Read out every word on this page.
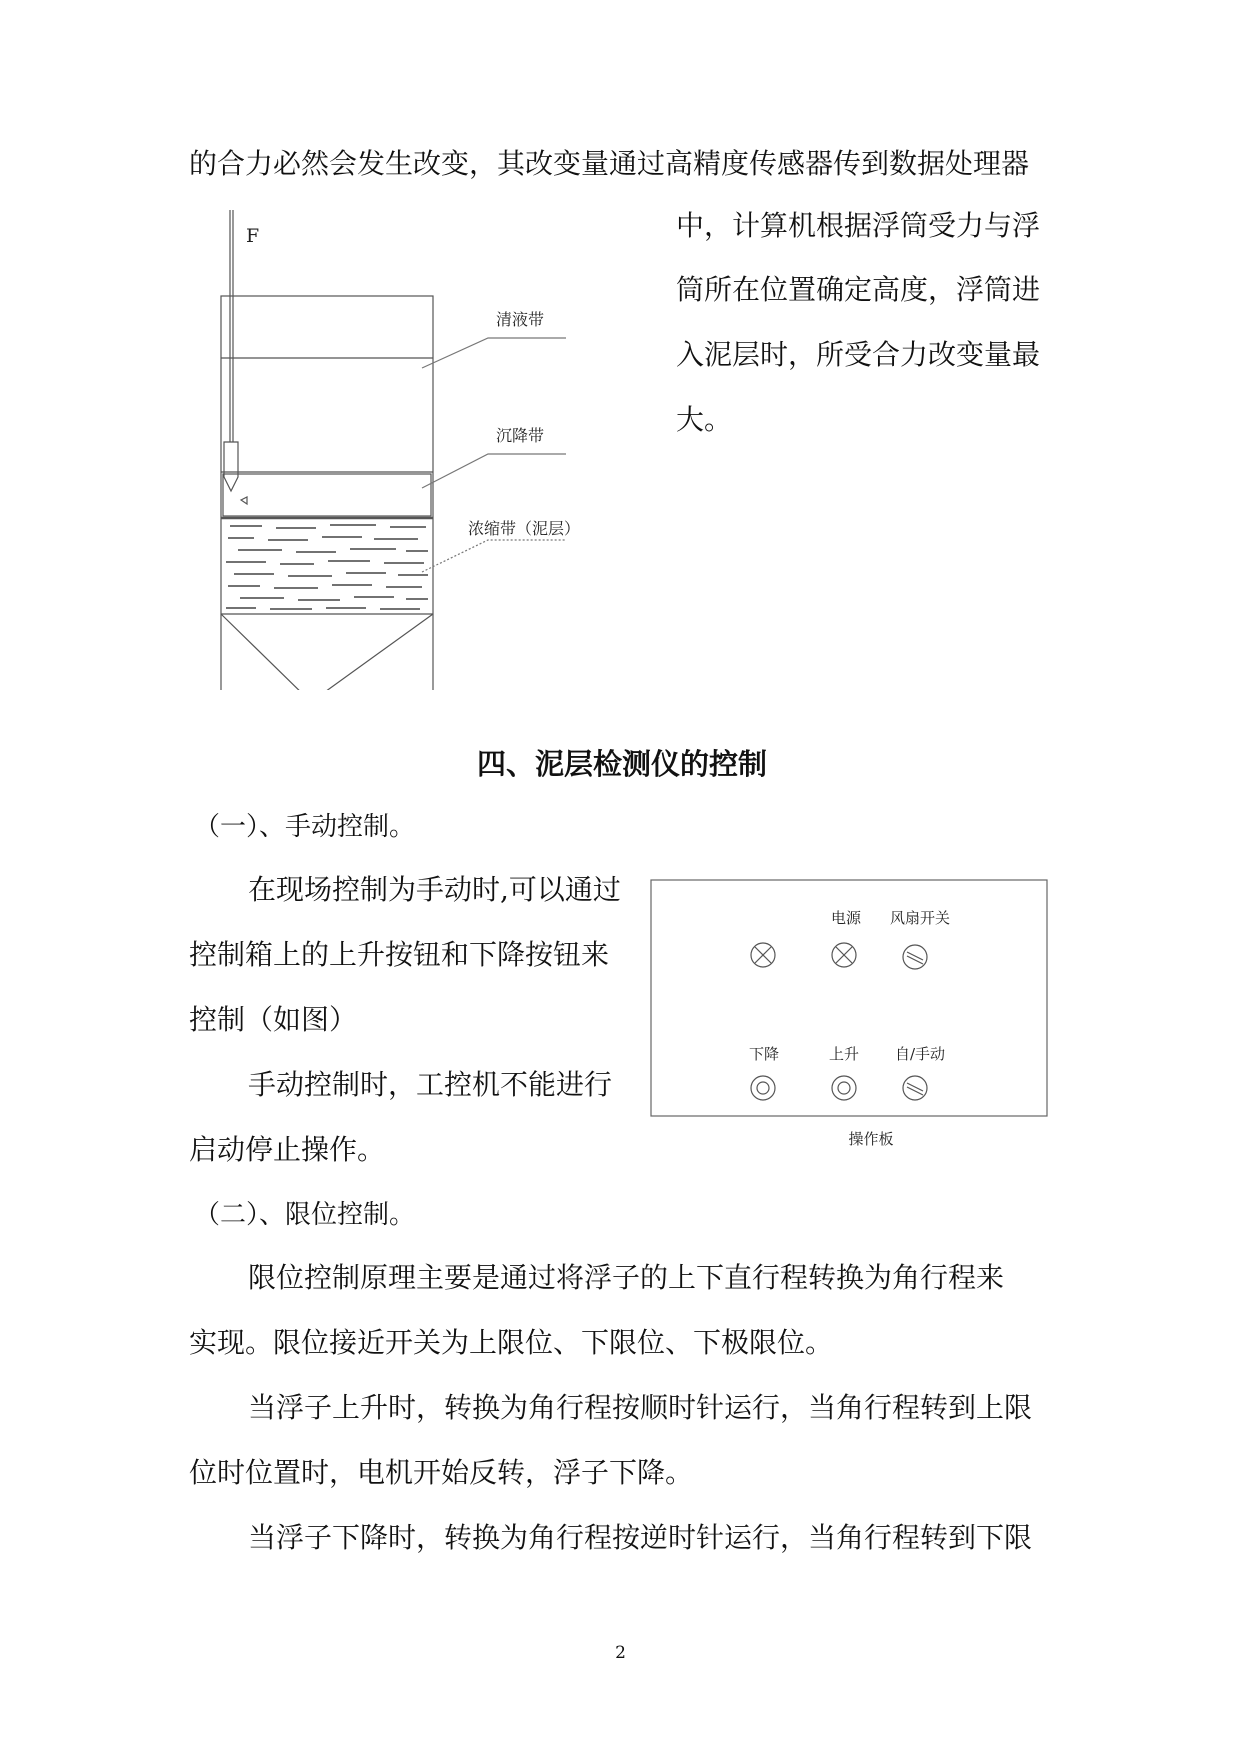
的合力必然会发生改变，其改变量通过高精度传感器传到数据处理器
F
清液带
沉降带
浓缩带（泥层）
中，计算机根据浮筒受力与浮
筒所在位置确定高度，浮筒进
入泥层时，所受合力改变量最
大。
四、泥层检测仪的控制
（一）、手动控制。
在现场控制为手动时,可以通过
控制箱上的上升按钮和下降按钮来
控制（如图）
手动控制时，工控机不能进行
启动停止操作。
电源 风扇开关
下降	上升 自/手动
操作板
（二）、限位控制。
限位控制原理主要是通过将浮子的上下直行程转换为角行程来
实现。限位接近开关为上限位、下限位、下极限位。
当浮子上升时，转换为角行程按顺时针运行，当角行程转到上限
位时位置时，电机开始反转，浮子下降。
当浮子下降时，转换为角行程按逆时针运行，当角行程转到下限
2
